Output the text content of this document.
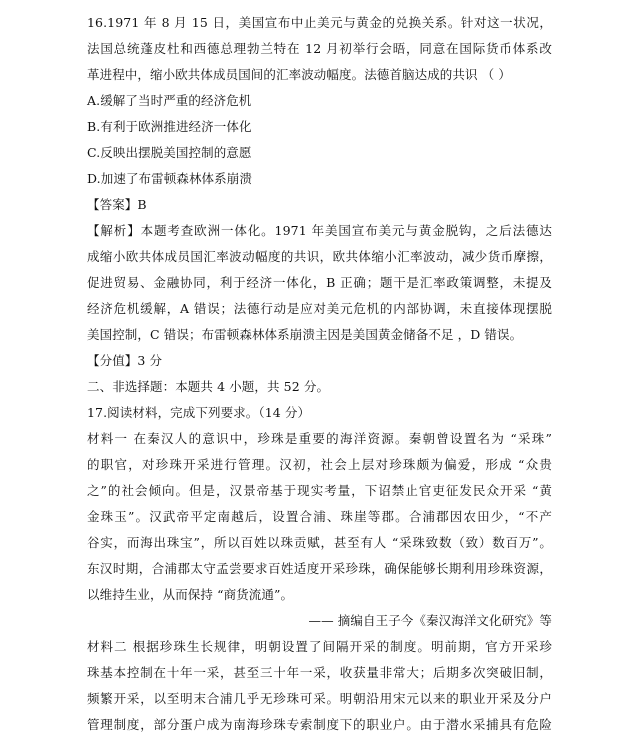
16.1971 年 8 月 15 日，美国宣布中止美元与黄金的兑换关系。针对这一状况，
法国总统蓬皮杜和西德总理勃兰特在 12 月初举行会晤，同意在国际货币体系改
革进程中，缩小欧共体成员国间的汇率波动幅度。法德首脑达成的共识 （ ）
A.缓解了当时严重的经济危机
B.有利于欧洲推进经济一体化
C.反映出摆脱美国控制的意愿
D.加速了布雷顿森林体系崩溃
【答案】B
【解析】本题考查欧洲一体化。1971 年美国宣布美元与黄金脱钩，之后法德达
成缩小欧共体成员国汇率波动幅度的共识，欧共体缩小汇率波动，减少货币摩擦，
促进贸易、金融协同，利于经济一体化，B 正确；题干是汇率政策调整，未提及
经济危机缓解，A 错误；法德行动是应对美元危机的内部协调，未直接体现摆脱
美国控制，C 错误；布雷顿森林体系崩溃主因是美国黄金储备不足 ，D 错误。
【分值】3 分
二、非选择题：本题共 4 小题，共 52 分。
17.阅读材料，完成下列要求。（14 分）
材料一 在秦汉人的意识中，珍珠是重要的海洋资源。秦朝曾设置名为 “采珠”
的职官，对珍珠开采进行管理。汉初，社会上层对珍珠颇为偏爱，形成 “众贵
之”的社会倾向。但是，汉景帝基于现实考量，下诏禁止官吏征发民众开采 “黄
金珠玉”。汉武帝平定南越后，设置合浦、珠崖等郡。合浦郡因农田少，“不产
谷实，而海出珠宝”，所以百姓以珠贡赋，甚至有人 “采珠致数（致）数百万”。
东汉时期，合浦郡太守孟尝要求百姓适度开采珍珠，确保能够长期利用珍珠资源，
以维持生业，从而保持 “商货流通”。
—— 摘编自王子今《秦汉海洋文化研究》等
材料二 根据珍珠生长规律，明朝设置了间隔开采的制度。明前期，官方开采珍
珠基本控制在十年一采，甚至三十年一采，收获量非常大；后期多次突破旧制，
频繁开采，以至明末合浦几乎无珍珠可采。明朝沿用宋元以来的职业开采及分户
管理制度，部分蛋户成为南海珍珠专索制度下的职业户。由于潜水采捕具有危险
